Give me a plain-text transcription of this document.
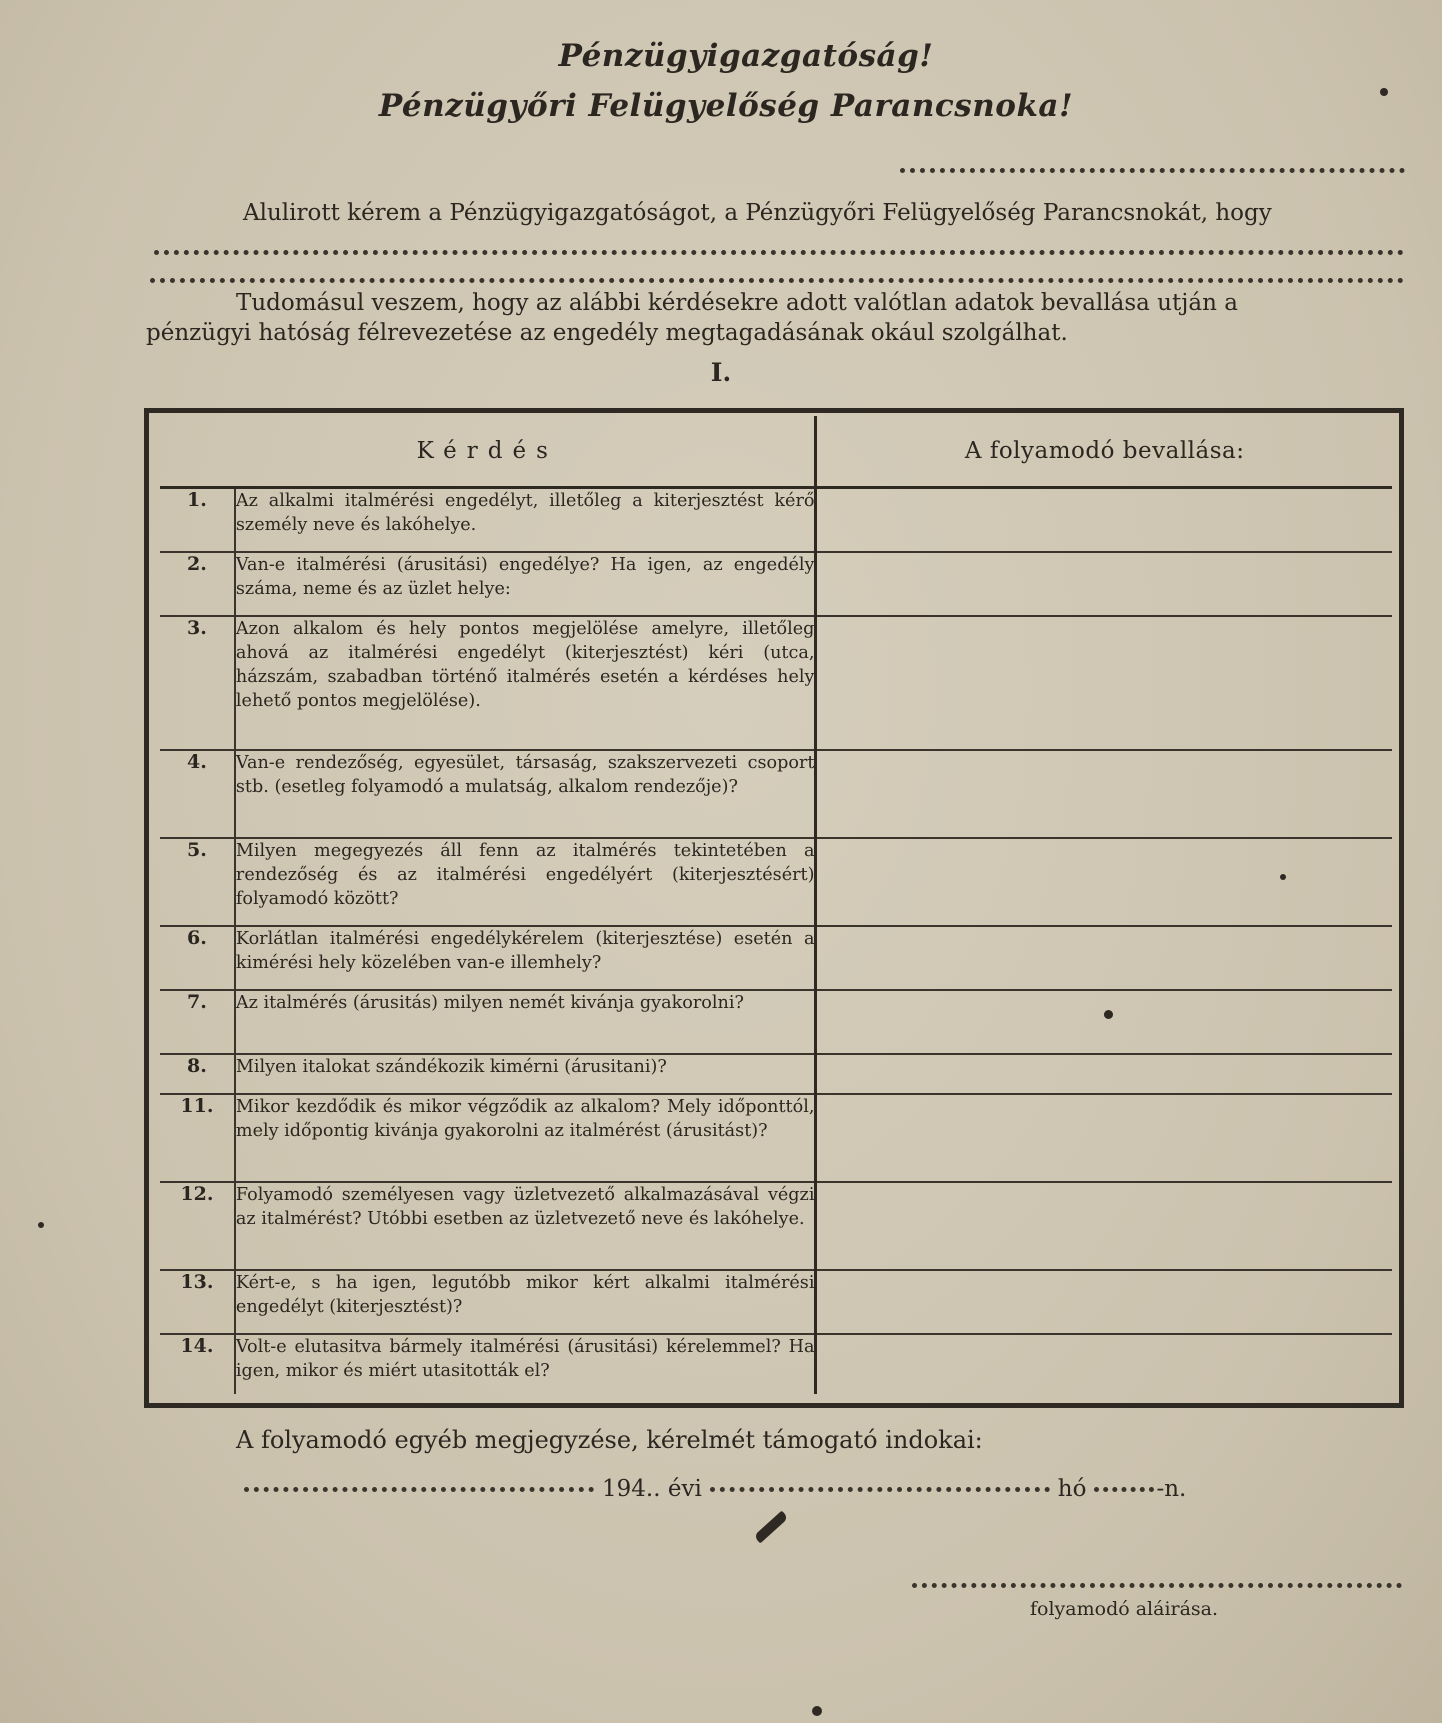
Pénzügyigazgatóság!
Pénzügyőri Felügyelőség Parancsnoka!
Alulirott kérem a Pénzügyigazgatóságot, a Pénzügyőri Felügyelőség Parancsnokát, hogy
Tudomásul veszem, hogy az alábbi kérdésekre adott valótlan adatok bevallása utján a
pénzügyi hatóság félrevezetése az engedély megtagadásának okául szolgálhat.
I.
Kérdés		A folyamodó bevallása:
1.	Az alkalmi italmérési engedélyt, illetőleg a kiterjesztést kérő személy neve és lakóhelye.	
2.	Van-e italmérési (árusitási) engedélye? Ha igen, az engedély száma, neme és az üzlet helye:	
3.	Azon alkalom és hely pontos megjelölése amelyre, illetőleg ahová az italmérési engedélyt (kiterjesztést) kéri (utca, házszám, szabadban történő italmérés esetén a kérdéses hely lehető pontos megjelölése).	
4.	Van-e rendezőség, egyesület, társaság, szakszervezeti csoport stb. (esetleg folyamodó a mulatság, alkalom rendezője)?	
5.	Milyen megegyezés áll fenn az italmérés tekintetében a rendezőség és az italmérési engedélyért (kiterjesztésért) folyamodó között?	
6.	Korlátlan italmérési engedélykérelem (kiterjesztése) esetén a kimérési hely közelében van-e illemhely?	
7.	Az italmérés (árusitás) milyen nemét kivánja gyakorolni?	
8.	Milyen italokat szándékozik kimérni (árusitani)?	
11.	Mikor kezdődik és mikor végződik az alkalom? Mely időponttól, mely időpontig kivánja gyakorolni az italmérést (árusitást)?	
12.	Folyamodó személyesen vagy üzletvezető alkalmazásával végzi az italmérést? Utóbbi esetben az üzletvezető neve és lakóhelye.	
13.	Kért-e, s ha igen, legutóbb mikor kért alkalmi italmérési engedélyt (kiterjesztést)?	
14.	Volt-e elutasitva bármely italmérési (árusitási) kérelemmel? Ha igen, mikor és miért utasitották el?	
A folyamodó egyéb megjegyzése, kérelmét támogató indokai:
194.. évi	hó	-n.
folyamodó aláirása.
